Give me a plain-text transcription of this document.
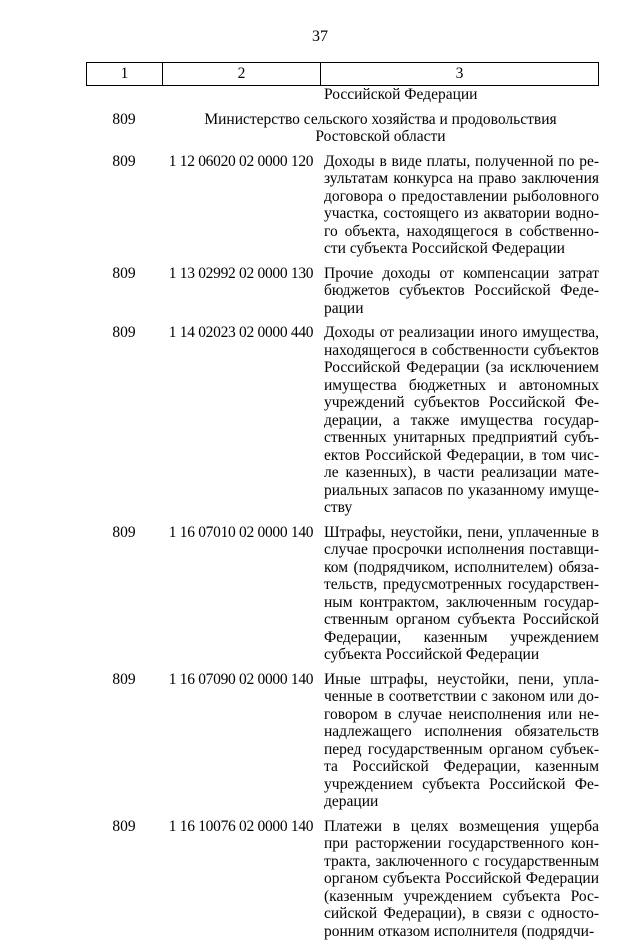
37
1	2	3
Российской Федерации
809	Министерство сельского хозяйства и продовольствия
Ростовской области
809	1 12 06020 02 0000 120 Доходы в виде платы, полученной по ре-
зультатам конкурса на право заключения
договора о предоставлении рыболовного
участка, состоящего из акватории водно-
го объекта, находящегося в собственно-
сти субъекта Российской Федерации
809	1 13 02992 02 0000 130 Прочие доходы от компенсации затрат
бюджетов субъектов Российской Феде-
рации
809	1 14 02023 02 0000 440 Доходы от реализации иного имущества,
находящегося в собственности субъектов
Российской Федерации (за исключением
имущества бюджетных и автономных
учреждений субъектов Российской Фе-
дерации, а также имущества государ-
ственных унитарных предприятий субъ-
ектов Российской Федерации, в том чис-
ле казенных), в части реализации мате-
риальных запасов по указанному имуще-
ству
809	1 16 07010 02 0000 140 Штрафы, неустойки, пени, уплаченные в
случае просрочки исполнения поставщи-
ком (подрядчиком, исполнителем) обяза-
тельств, предусмотренных государствен-
ным контрактом, заключенным государ-
ственным органом субъекта Российской
Федерации, казенным учреждением
субъекта Российской Федерации
809	1 16 07090 02 0000 140 Иные штрафы, неустойки, пени, упла-
ченные в соответствии с законом или до-
говором в случае неисполнения или не-
надлежащего исполнения обязательств
перед государственным органом субъек-
та Российской Федерации, казенным
учреждением субъекта Российской Фе-
дерации
809	1 16 10076 02 0000 140 Платежи в целях возмещения ущерба
при расторжении государственного кон-
тракта, заключенного с государственным
органом субъекта Российской Федерации
(казенным учреждением субъекта Рос-
сийской Федерации), в связи с односто-
ронним отказом исполнителя (подрядчи-
